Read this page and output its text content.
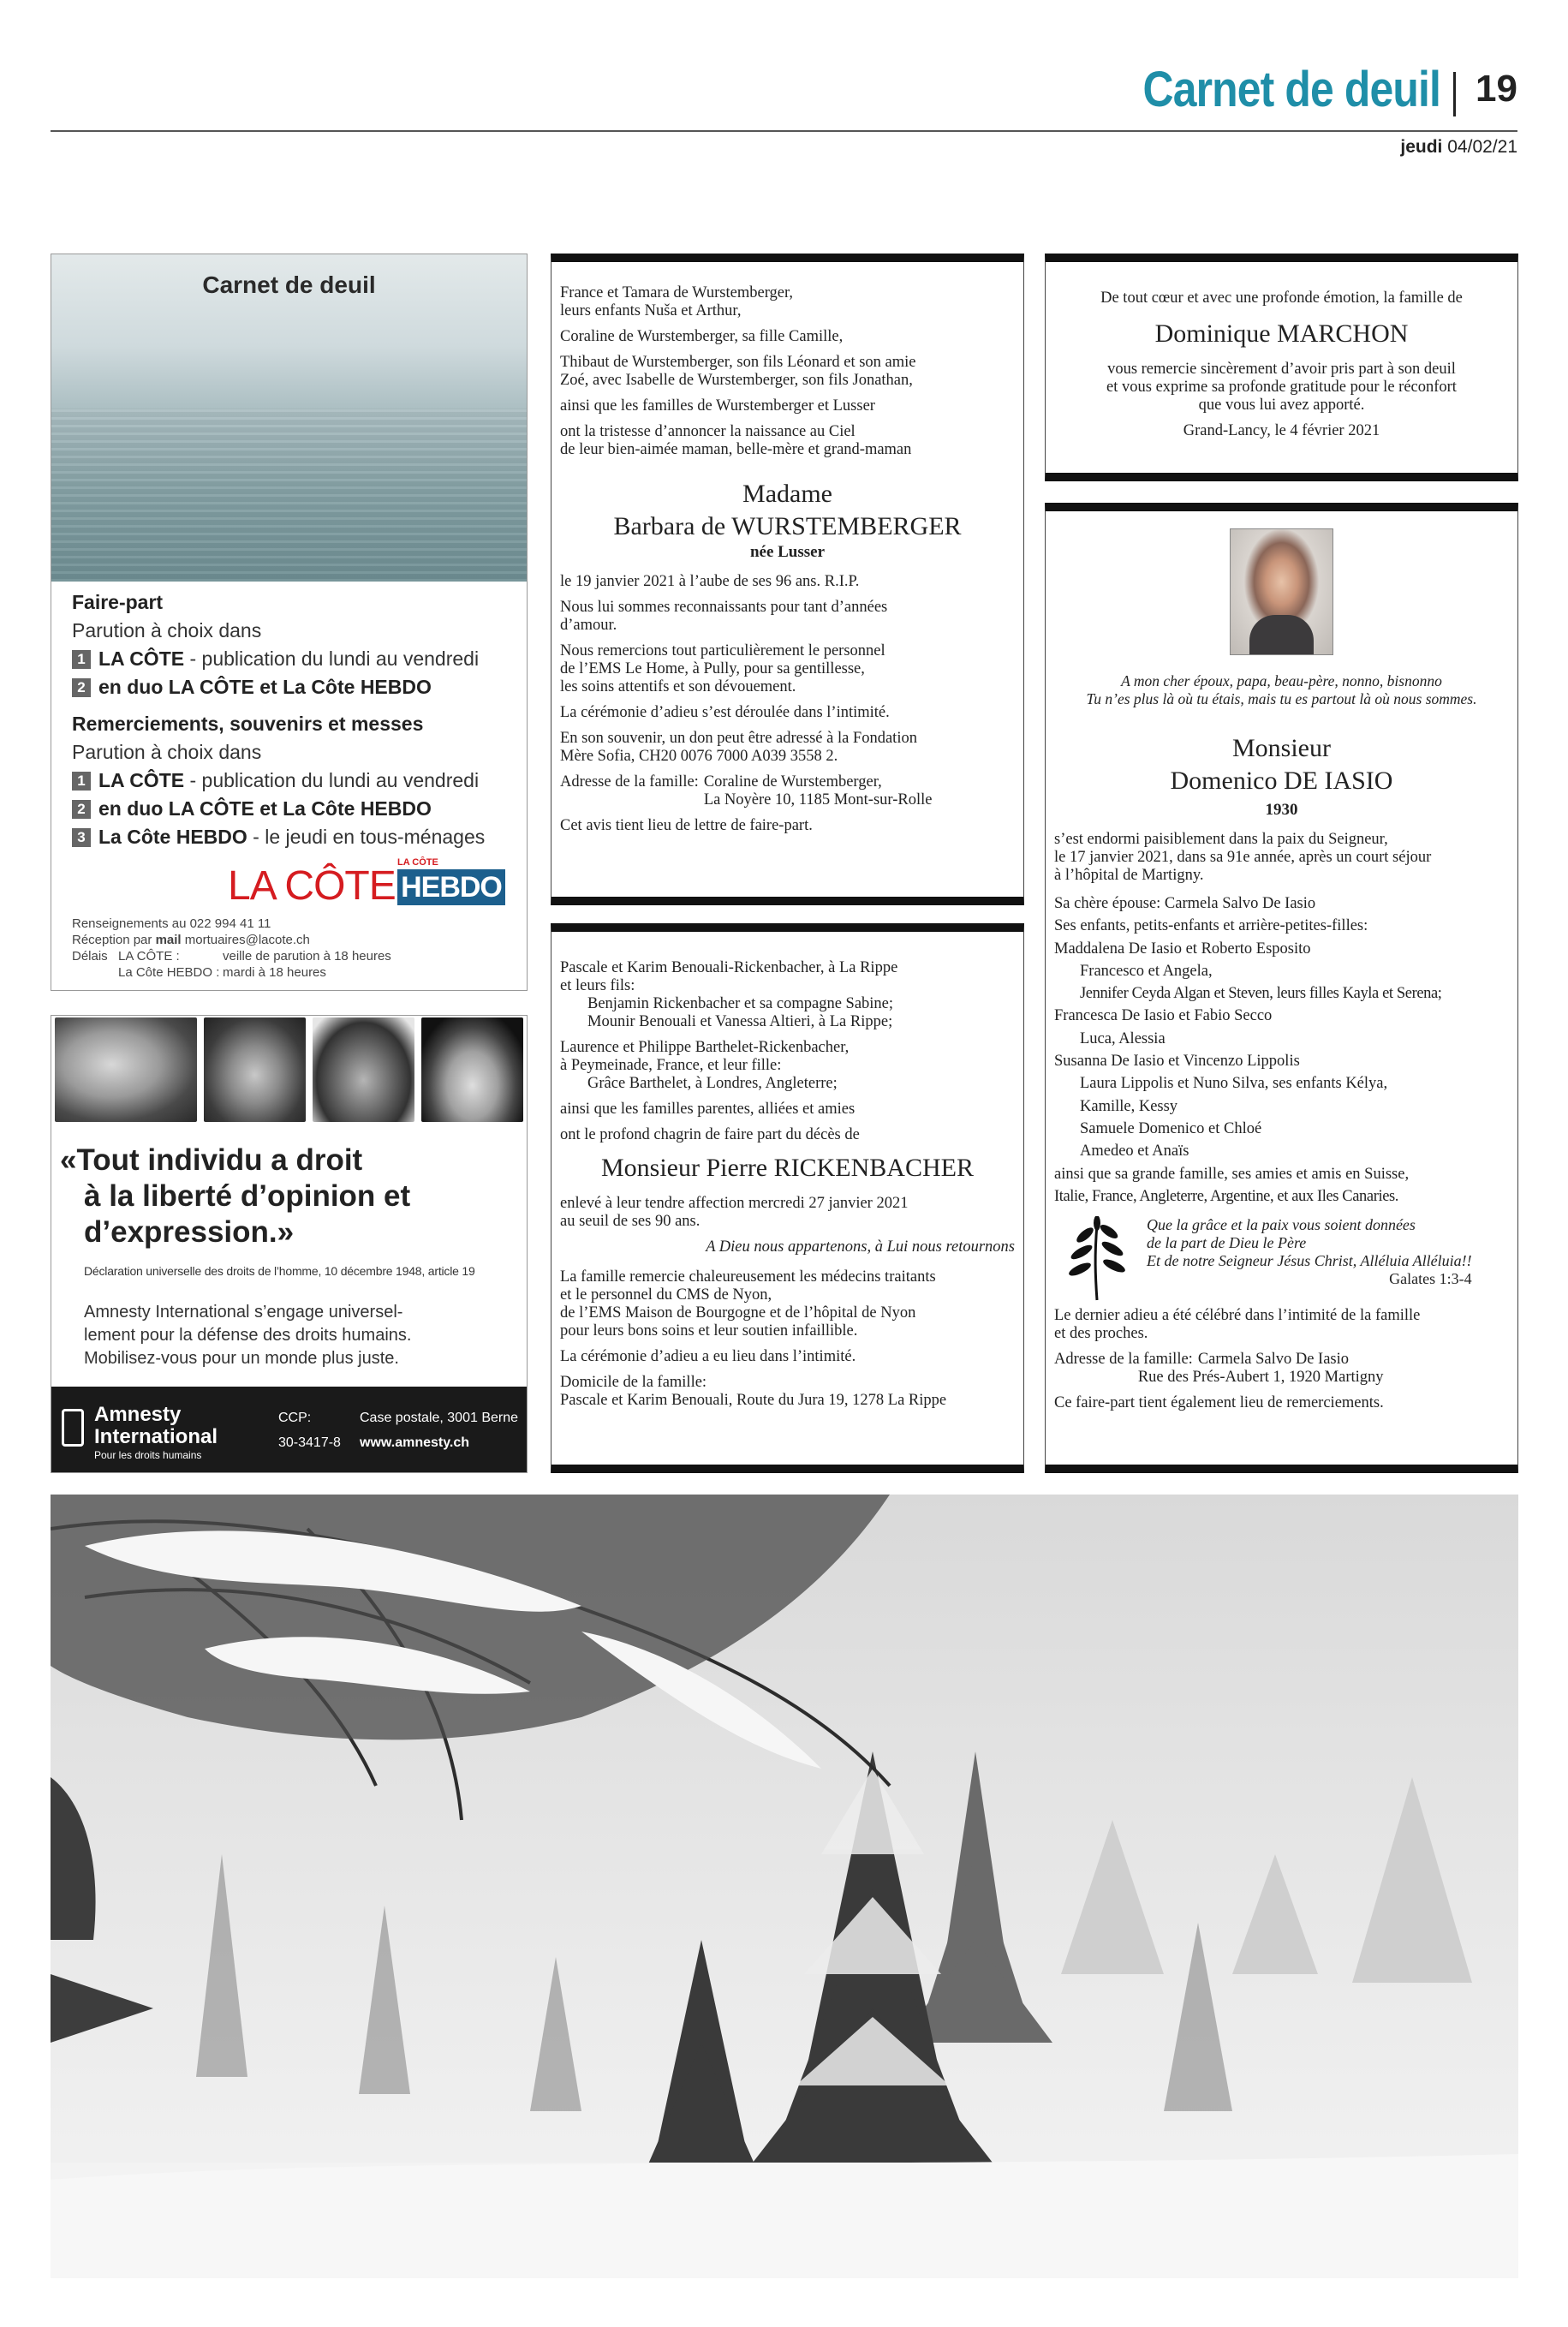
Carnet de deuil 19
jeudi 04/02/21
Carnet de deuil
Faire-part
Parution à choix dans
1 LA CÔTE - publication du lundi au vendredi
2 en duo LA CÔTE et La Côte HEBDO
Remerciements, souvenirs et messes
Parution à choix dans
1 LA CÔTE - publication du lundi au vendredi
2 en duo LA CÔTE et La Côte HEBDO
3 La Côte HEBDO - le jeudi en tous-ménages
LA CÔTE
LA CÔTE
HEBDO
Renseignements au 022 994 41 11
Réception par mail mortuaires@lacote.ch
Délais LA CÔTE :	veille de parution à 18 heures
La Côte HEBDO : mardi à 18 heures
«Tout individu a droit
à la liberté d’opinion et
d’expression.»
Déclaration universelle des droits de l’homme, 10 décembre 1948, article 19
Amnesty International s’engage universel-
lement pour la défense des droits humains.
Mobilisez-vous pour un monde plus juste.
Amnesty
International
Pour les droits humains
CCP:
30-3417-8
Case postale, 3001 Berne
www.amnesty.ch

France et Tamara de Wurstemberger,
leurs enfants Nuša et Arthur,

Coraline de Wurstemberger, sa fille Camille,

Thibaut de Wurstemberger, son fils Léonard et son amie
Zoé, avec Isabelle de Wurstemberger, son fils Jonathan,

ainsi que les familles de Wurstemberger et Lusser

ont la tristesse d’annoncer la naissance au Ciel
de leur bien-aimée maman, belle-mère et grand-maman

Madame
Barbara de WURSTEMBERGER
née Lusser

le 19 janvier 2021 à l’aube de ses 96 ans. R.I.P.

Nous lui sommes reconnaissants pour tant d’années
d’amour.

Nous remercions tout particulièrement le personnel
de l’EMS Le Home, à Pully, pour sa gentillesse,
les soins attentifs et son dévouement.

La cérémonie d’adieu s’est déroulée dans l’intimité.

En son souvenir, un don peut être adressé à la Fondation
Mère Sofia, CH20 0076 7000 A039 3558 2.

Adresse de la famille: Coraline de Wurstemberger,
La Noyère 10, 1185 Mont-sur-Rolle

Cet avis tient lieu de lettre de faire-part.

Pascale et Karim Benouali-Rickenbacher, à La Rippe
et leurs fils:
Benjamin Rickenbacher et sa compagne Sabine;
Mounir Benouali et Vanessa Altieri, à La Rippe;

Laurence et Philippe Barthelet-Rickenbacher,
à Peymeinade, France, et leur fille:
Grâce Barthelet, à Londres, Angleterre;

ainsi que les familles parentes, alliées et amies

ont le profond chagrin de faire part du décès de

Monsieur Pierre RICKENBACHER

enlevé à leur tendre affection mercredi 27 janvier 2021
au seuil de ses 90 ans.

A Dieu nous appartenons, à Lui nous retournons

La famille remercie chaleureusement les médecins traitants
et le personnel du CMS de Nyon,
de l’EMS Maison de Bourgogne et de l’hôpital de Nyon
pour leurs bons soins et leur soutien infaillible.

La cérémonie d’adieu a eu lieu dans l’intimité.

Domicile de la famille:
Pascale et Karim Benouali, Route du Jura 19, 1278 La Rippe

De tout cœur et avec une profonde émotion, la famille de

Dominique MARCHON

vous remercie sincèrement d’avoir pris part à son deuil
et vous exprime sa profonde gratitude pour le réconfort
que vous lui avez apporté.

Grand-Lancy, le 4 février 2021

A mon cher époux, papa, beau-père, nonno, bisnonno
Tu n’es plus là où tu étais, mais tu es partout là où nous sommes.

Monsieur
Domenico DE IASIO
1930

s’est endormi paisiblement dans la paix du Seigneur,
le 17 janvier 2021, dans sa 91e année, après un court séjour
à l’hôpital de Martigny.

Sa chère épouse: Carmela Salvo De Iasio
Ses enfants, petits-enfants et arrière-petites-filles:
Maddalena De Iasio et Roberto Esposito
Francesco et Angela,
Jennifer Ceyda Algan et Steven, leurs filles Kayla et Serena;
Francesca De Iasio et Fabio Secco
Luca, Alessia
Susanna De Iasio et Vincenzo Lippolis
Laura Lippolis et Nuno Silva, ses enfants Kélya,
Kamille, Kessy
Samuele Domenico et Chloé
Amedeo et Anaïs
ainsi que sa grande famille, ses amies et amis en Suisse,
Italie, France, Angleterre, Argentine, et aux Iles Canaries.
Que la grâce et la paix vous soient données
de la part de Dieu le Père
Et de notre Seigneur Jésus Christ, Alléluia Alléluia!!
Galates 1:3-4

Le dernier adieu a été célébré dans l’intimité de la famille
et des proches.

Adresse de la famille: Carmela Salvo De Iasio
Rue des Prés-Aubert 1, 1920 Martigny

Ce faire-part tient également lieu de remerciements.
